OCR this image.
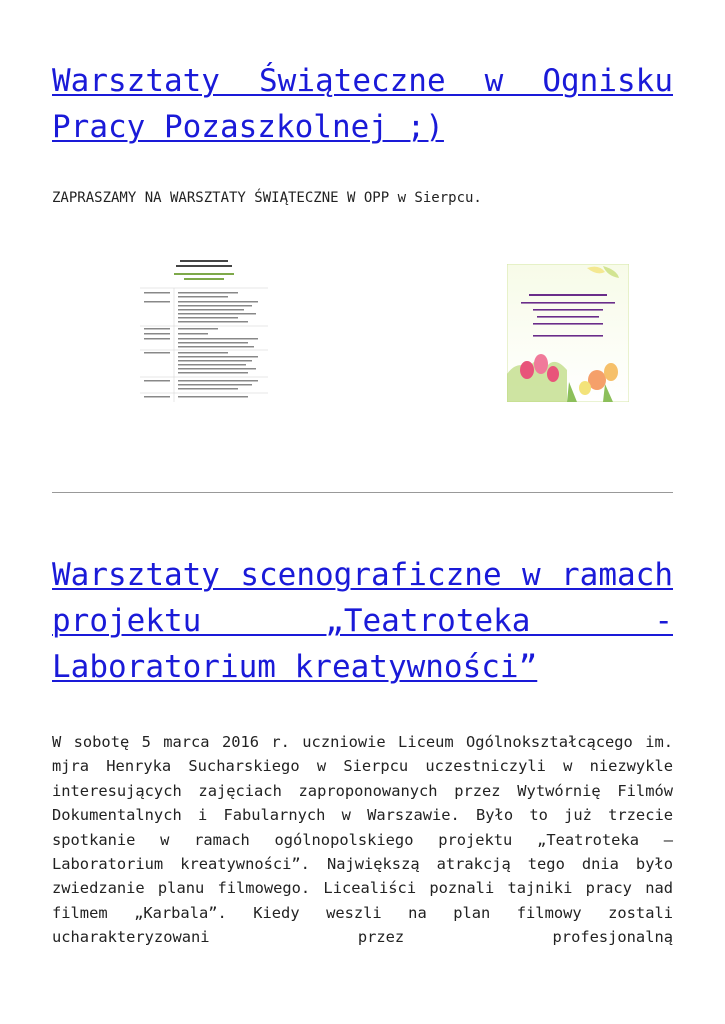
Warsztaty Świąteczne w Ognisku Pracy Pozaszkolnej ;)
ZAPRASZAMY NA WARSZTATY ŚWIĄTECZNE W OPP w Sierpcu.
Warsztaty scenograficzne w ramach projektu „Teatroteka - Laboratorium kreatywności”
W sobotę 5 marca 2016 r. uczniowie Liceum Ogólnokształcącego im. mjra Henryka Sucharskiego w Sierpcu uczestniczyli w niezwykle interesujących zajęciach zaproponowanych przez Wytwórnię Filmów Dokumentalnych i Fabularnych w Warszawie. Było to już trzecie spotkanie w ramach ogólnopolskiego projektu „Teatroteka – Laboratorium kreatywności”. Największą atrakcją tego dnia było zwiedzanie planu filmowego. Licealiści poznali tajniki pracy nad filmem „Karbala”. Kiedy weszli na plan filmowy zostali ucharakteryzowani przez profesjonalną
